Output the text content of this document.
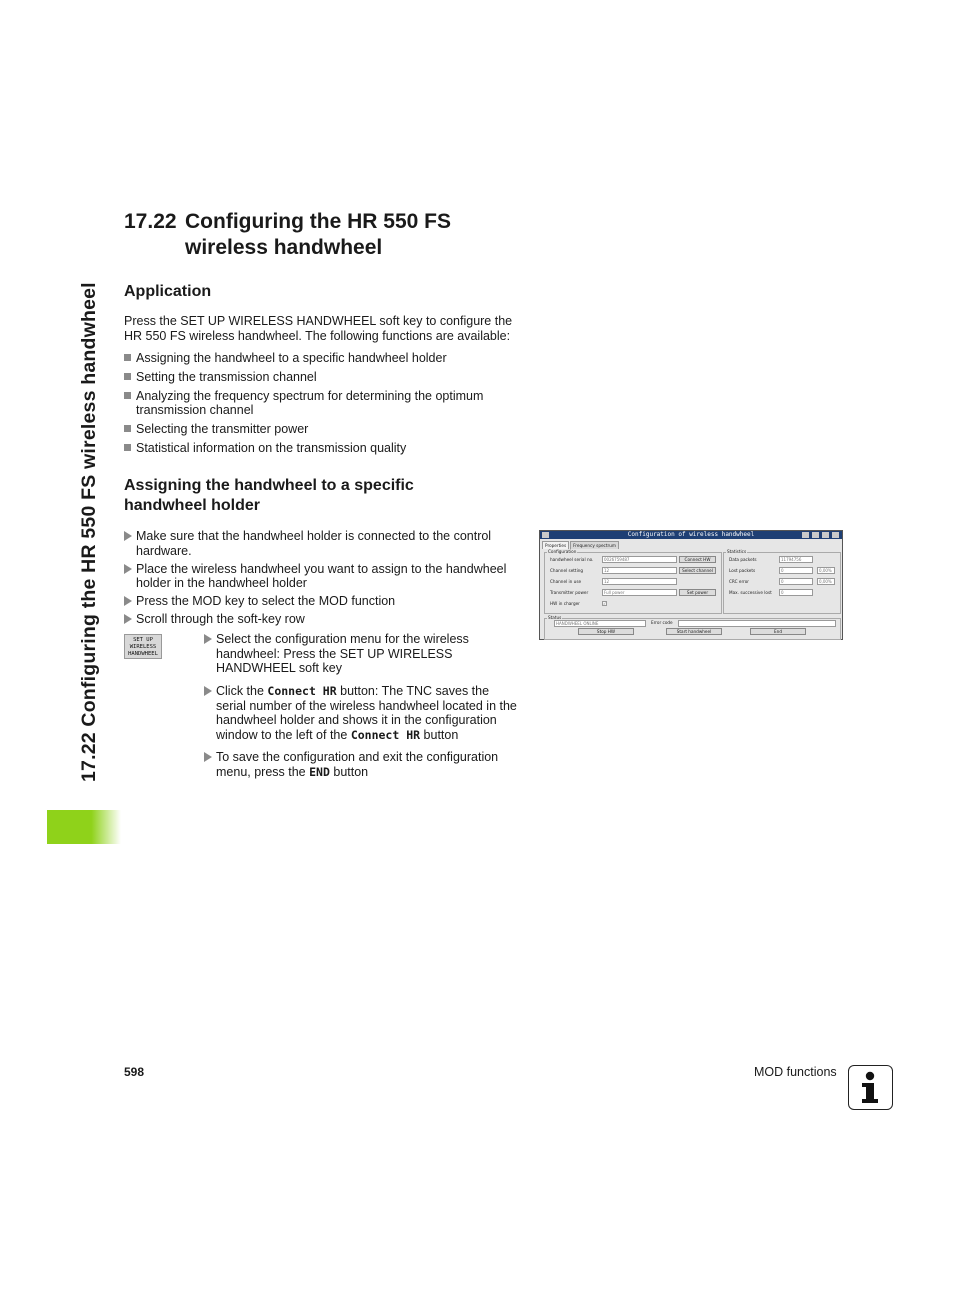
17.22 Configuring the HR 550 FS wireless handwheel
17.22 Configuring the HR 550 FS
wireless handwheel
Application

Press the SET UP WIRELESS HANDWHEEL soft key to configure the HR 550 FS wireless handwheel. The following functions are available:

Assigning the handwheel to a specific handwheel holder
Setting the transmission channel
Analyzing the frequency spectrum for determining the optimum transmission channel
Selecting the transmitter power
Statistical information on the transmission quality
Assigning the handwheel to a specific
handwheel holder
Make sure that the handwheel holder is connected to the control hardware.
Place the wireless handwheel you want to assign to the handwheel holder in the handwheel holder
Press the MOD key to select the MOD function
Scroll through the soft-key row
SET UP
WIRELESS
HANDWHEEL
Select the configuration menu for the wireless handwheel: Press the SET UP WIRELESS HANDWHEEL soft key
Click the Connect HR button: The TNC saves the serial number of the wireless handwheel located in the handwheel holder and shows it in the configuration window to the left of the Connect HR button
To save the configuration and exit the configuration menu, press the END button
Configuration of wireless handwheel
Properties	Frequency spectrum
Configuration
handwheel serial no.	0026759487	Connect HW
Channel setting	12	Select channel
Channel in use	12
Transmitter power	Full power	Set power
HW in charger	✓
Statistics
Data packets	11794756
Lost packets	0	0,00%
CRC error	0	0,00%
Max. successive lost	0
Status
HANDWHEEL ONLINE	Error code
Stop HW	Start handwheel	End
598	MOD functions
